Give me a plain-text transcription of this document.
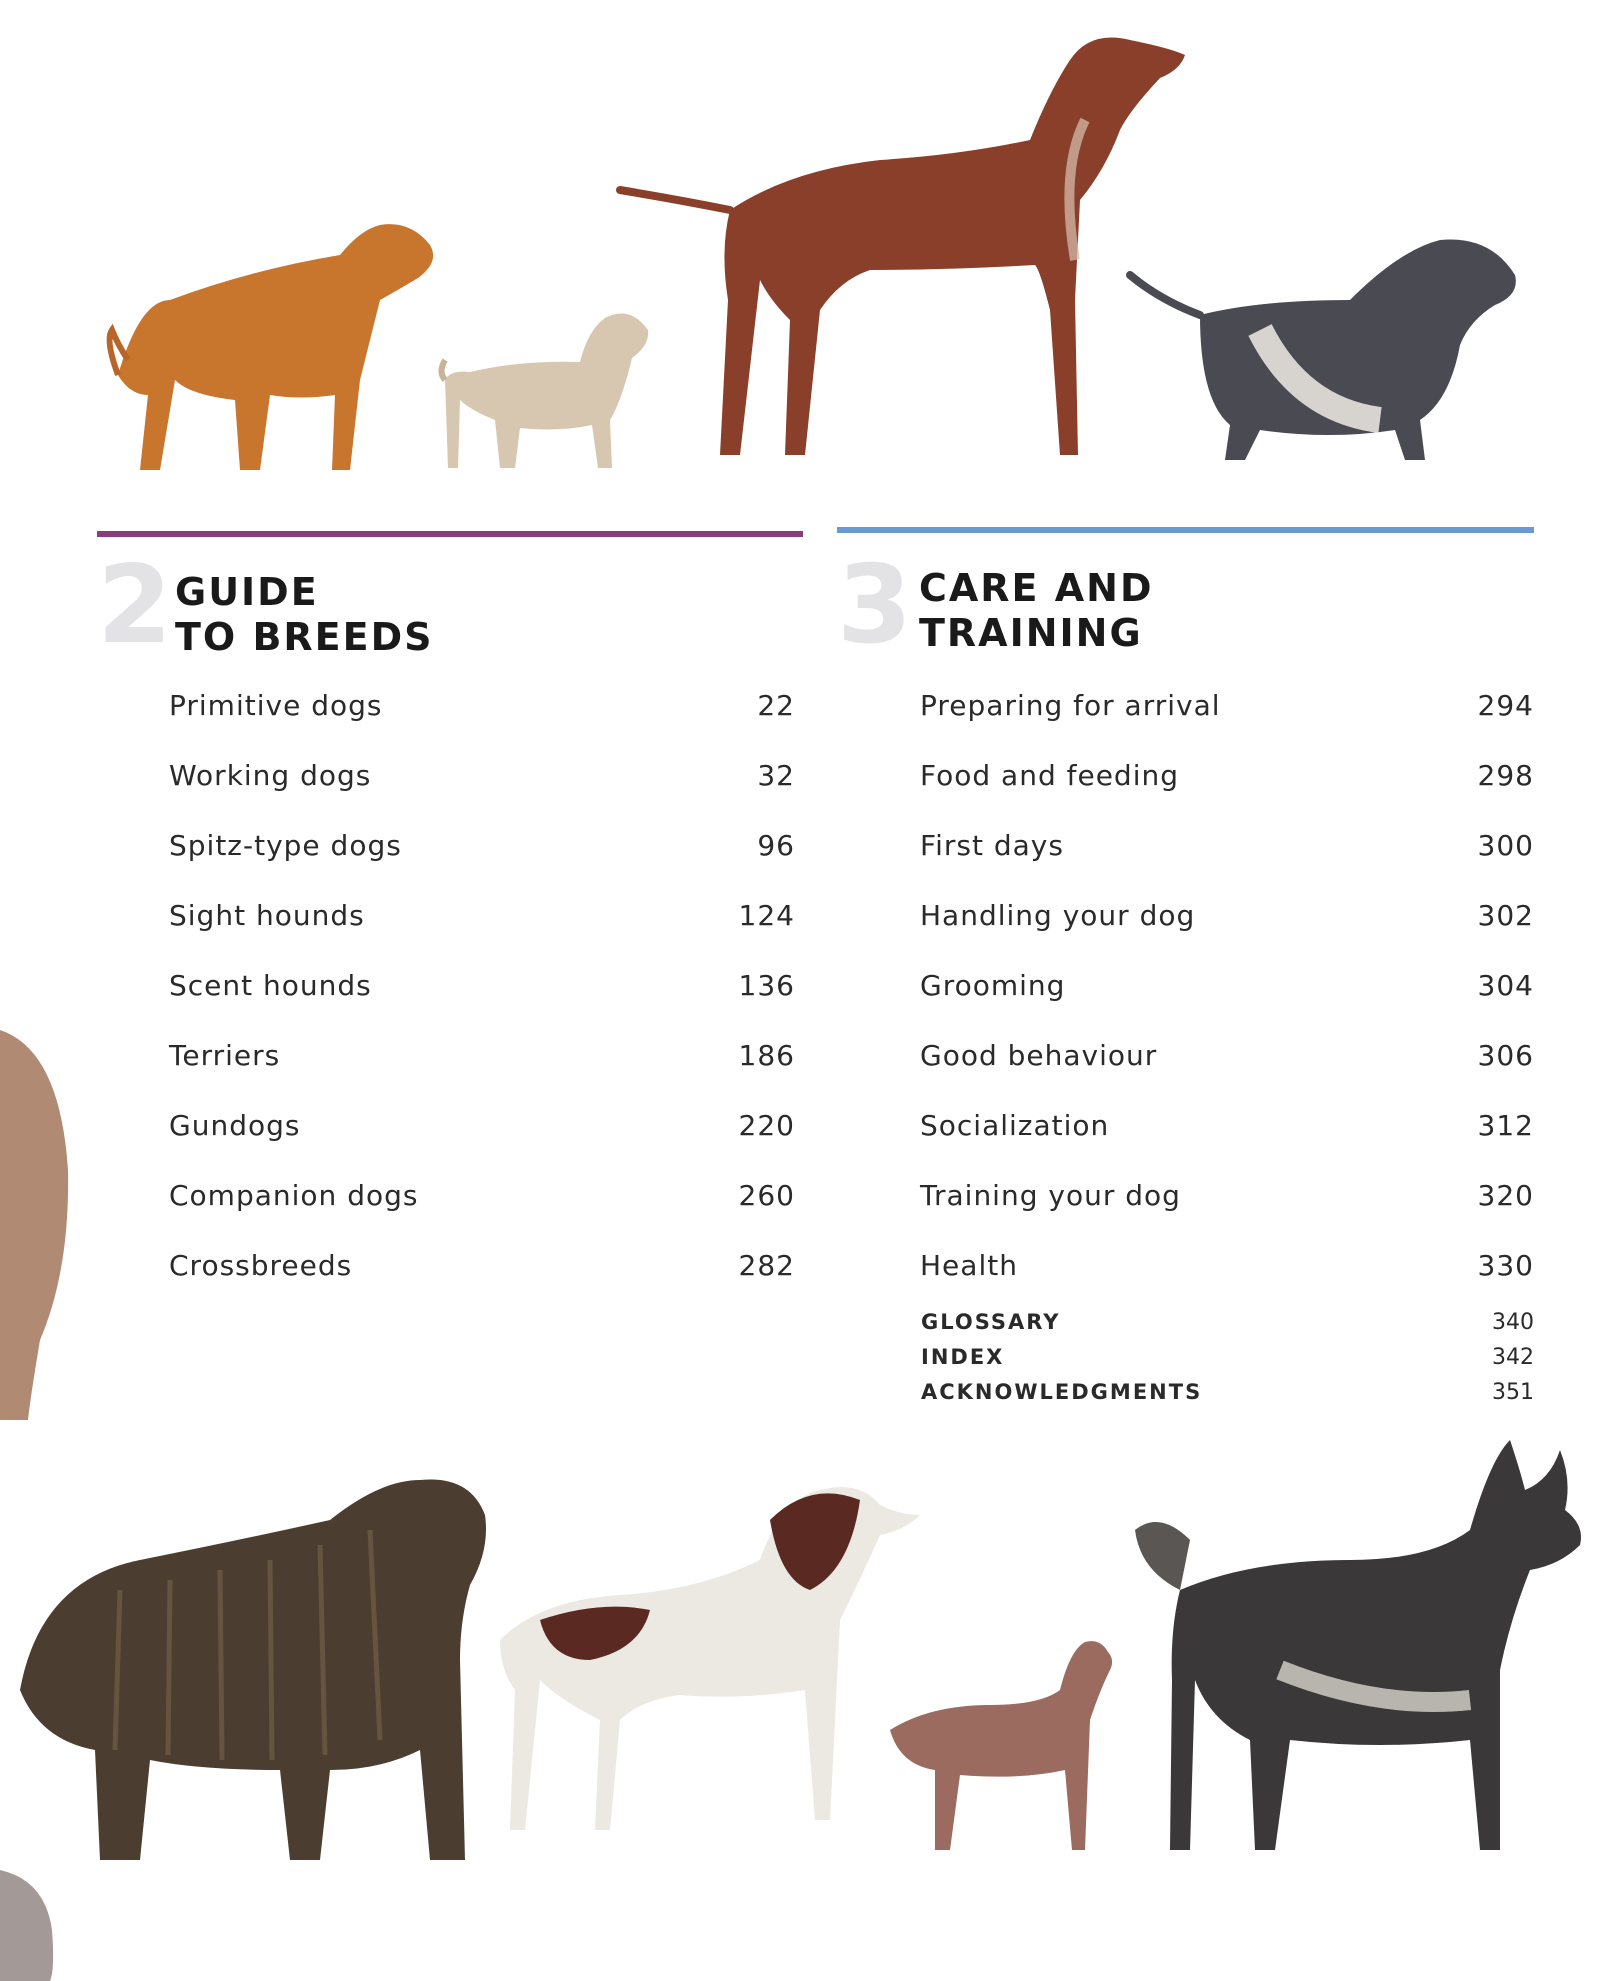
2 GUIDE
TO BREEDS
Primitive dogs	22
Working dogs	32
Spitz-type dogs	96
Sight hounds	124
Scent hounds	136
Terriers	186
Gundogs	220
Companion dogs	260
Crossbreeds	282
3 CARE AND
TRAINING
Preparing for arrival	294
Food and feeding	298
First days	300
Handling your dog	302
Grooming	304
Good behaviour	306
Socialization	312
Training your dog	320
Health	330
GLOSSARY	340
INDEX	342
ACKNOWLEDGMENTS	351
